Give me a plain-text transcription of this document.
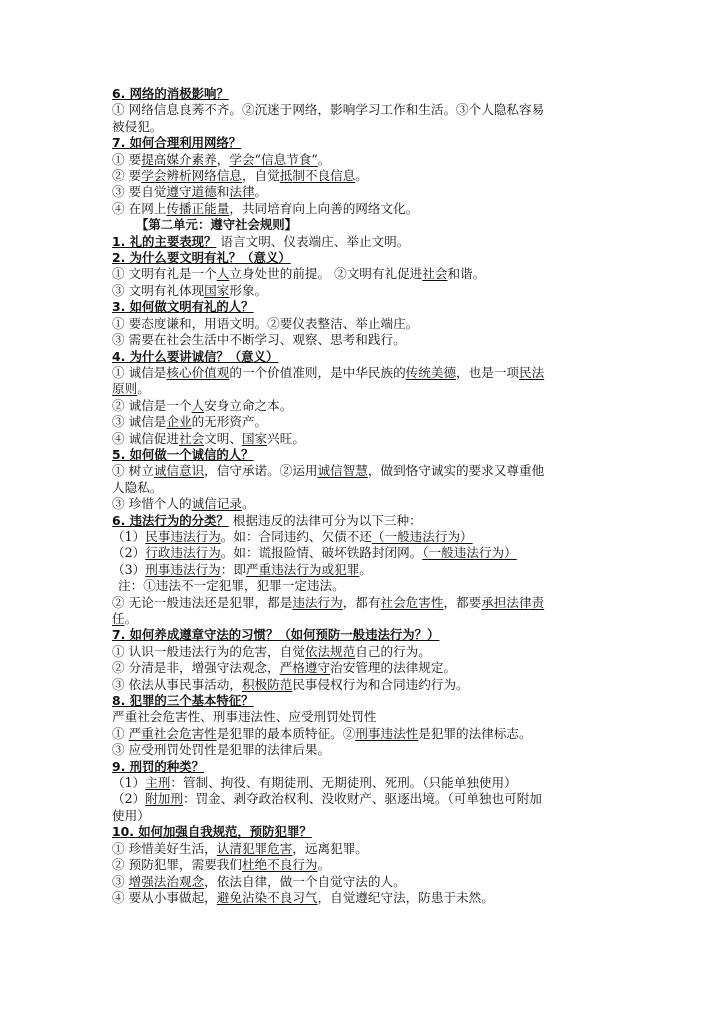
6. 网络的消极影响？

① 网络信息良莠不齐。②沉迷于网络，影响学习工作和生活。③个人隐私容易

被侵犯。

7. 如何合理利用网络？

① 要提高媒介素养，学会“信息节食”。

② 要学会辨析网络信息，自觉抵制不良信息。

③ 要自觉遵守道德和法律。

④ 在网上传播正能量，共同培育向上向善的网络文化。

【第二单元：遵守社会规则】

1. 礼的主要表现？ 语言文明、仪表端庄、举止文明。

2. 为什么要文明有礼？（意义）

① 文明有礼是一个人立身处世的前提。 ②文明有礼促进社会和谐。

③ 文明有礼体现国家形象。

3. 如何做文明有礼的人？

① 要态度谦和，用语文明。②要仪表整洁、举止端庄。

③ 需要在社会生活中不断学习、观察、思考和践行。

4. 为什么要讲诚信？（意义）

① 诚信是核心价值观的一个价值准则，是中华民族的传统美德，也是一项民法

原则。

② 诚信是一个人安身立命之本。

③ 诚信是企业的无形资产。

④ 诚信促进社会文明、国家兴旺。

5. 如何做一个诚信的人？

① 树立诚信意识，信守承诺。②运用诚信智慧，做到恪守诚实的要求又尊重他

人隐私。

③ 珍惜个人的诚信记录。

6. 违法行为的分类？ 根据违反的法律可分为以下三种：

（1）民事违法行为。如：合同违约、欠债不还（一般违法行为）

（2）行政违法行为。如：谎报险情、破坏铁路封闭网。（一般违法行为）

（3）刑事违法行为：即严重违法行为或犯罪。

注：①违法不一定犯罪，犯罪一定违法。

② 无论一般违法还是犯罪，都是违法行为，都有社会危害性，都要承担法律责

任。

7. 如何养成遵章守法的习惯？（如何预防一般违法行为？）

① 认识一般违法行为的危害，自觉依法规范自己的行为。

② 分清是非，增强守法观念，严格遵守治安管理的法律规定。

③ 依法从事民事活动，积极防范民事侵权行为和合同违约行为。

8. 犯罪的三个基本特征？

严重社会危害性、刑事违法性、应受刑罚处罚性

① 严重社会危害性是犯罪的最本质特征。②刑事违法性是犯罪的法律标志。

③ 应受刑罚处罚性是犯罪的法律后果。

9. 刑罚的种类？

（1）主刑：管制、拘役、有期徒刑、无期徒刑、死刑。（只能单独使用）

（2）附加刑：罚金、剥夺政治权利、没收财产、驱逐出境。（可单独也可附加

使用）

10. 如何加强自我规范，预防犯罪？

① 珍惜美好生活，认清犯罪危害，远离犯罪。

② 预防犯罪，需要我们杜绝不良行为。

③ 增强法治观念，依法自律，做一个自觉守法的人。

④ 要从小事做起，避免沾染不良习气，自觉遵纪守法，防患于未然。
